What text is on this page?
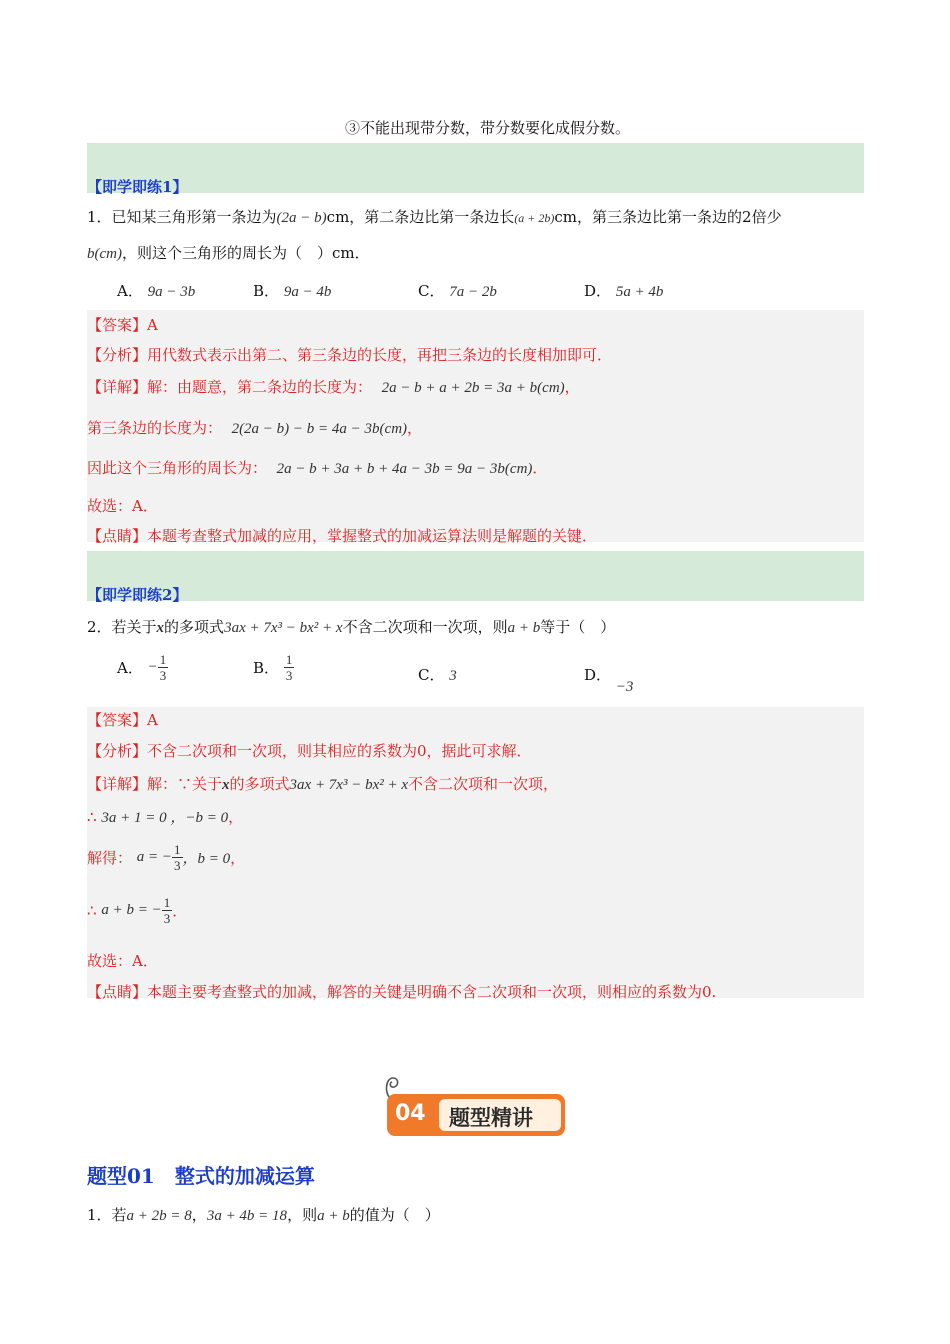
③不能出现带分数，带分数要化成假分数。
【即学即练1】
1．已知某三角形第一条边为(2a − b)cm，第二条边比第一条边长(a + 2b)cm，第三条边比第一条边的2倍少
b(cm)，则这个三角形的周长为（　）cm．
A． 9a − 3b	B． 9a − 4b	C． 7a − 2b	D． 5a + 4b
【答案】A
【分析】用代数式表示出第二、第三条边的长度，再把三条边的长度相加即可．
【详解】解：由题意，第二条边的长度为： 2a − b + a + 2b = 3a + b(cm)，
第三条边的长度为： 2(2a − b) − b = 4a − 3b(cm)，
因此这个三角形的周长为： 2a − b + 3a + b + 4a − 3b = 9a − 3b(cm)．
故选：A．
【点睛】本题考查整式加减的应用，掌握整式的加减运算法则是解题的关键．
【即学即练2】
2．若关于x的多项式3ax + 7x³ − bx² + x不含二次项和一次项，则a + b等于（　）
A． − $\frac{1}{3}$	B． $\frac{1}{3}$	C． 3	D． −3
【答案】A
【分析】不含二次项和一次项，则其相应的系数为0，据此可求解．
【详解】解：∵关于x的多项式3ax + 7x³ − bx² + x不含二次项和一次项，
∴ 3a + 1 = 0 ，−b = 0，
解得： a = − $\frac{1}{3}$ ，b = 0，
∴ a + b = − $\frac{1}{3}$ ．
故选：A．
【点睛】本题主要考查整式的加减，解答的关键是明确不含二次项和一次项，则相应的系数为0.
04 题型精讲
题型01　整式的加减运算
1．若a + 2b = 8，3a + 4b = 18，则a + b的值为（　）
